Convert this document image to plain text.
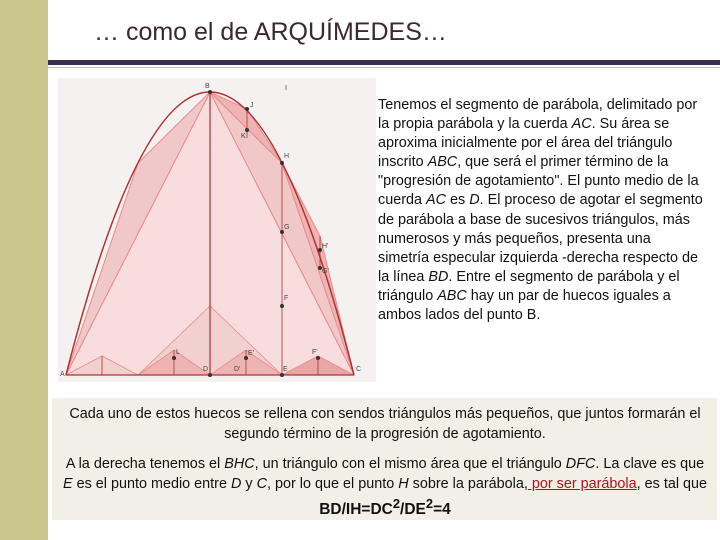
… como el de ARQUÍMEDES…
B	I
J
K
H
G
F
H'
G'
A
D	E	C
F'
E'
L
D'
Tenemos el segmento de parábola, delimitado por la propia parábola y la cuerda AC. Su área se aproxima inicialmente por el área del triángulo inscrito ABC, que será el primer término de la "progresión de agotamiento". El punto medio de la cuerda AC es D. El proceso de agotar el segmento de parábola a base de sucesivos triángulos, más numerosos y más pequeños, presenta una simetría especular izquierda -derecha respecto de la línea BD. Entre el segmento de parábola y el triángulo ABC hay un par de huecos iguales a ambos lados del punto B.
Cada uno de estos huecos se rellena con sendos triángulos más pequeños, que juntos formarán el segundo término de la progresión de agotamiento.
A la derecha tenemos el BHC, un triángulo con el mismo área que el triángulo DFC. La clave es que E es el punto medio entre D y C, por lo que el punto H sobre la parábola, por ser parábola, es tal que $BD/IH=DC^2/DE^2=4$
